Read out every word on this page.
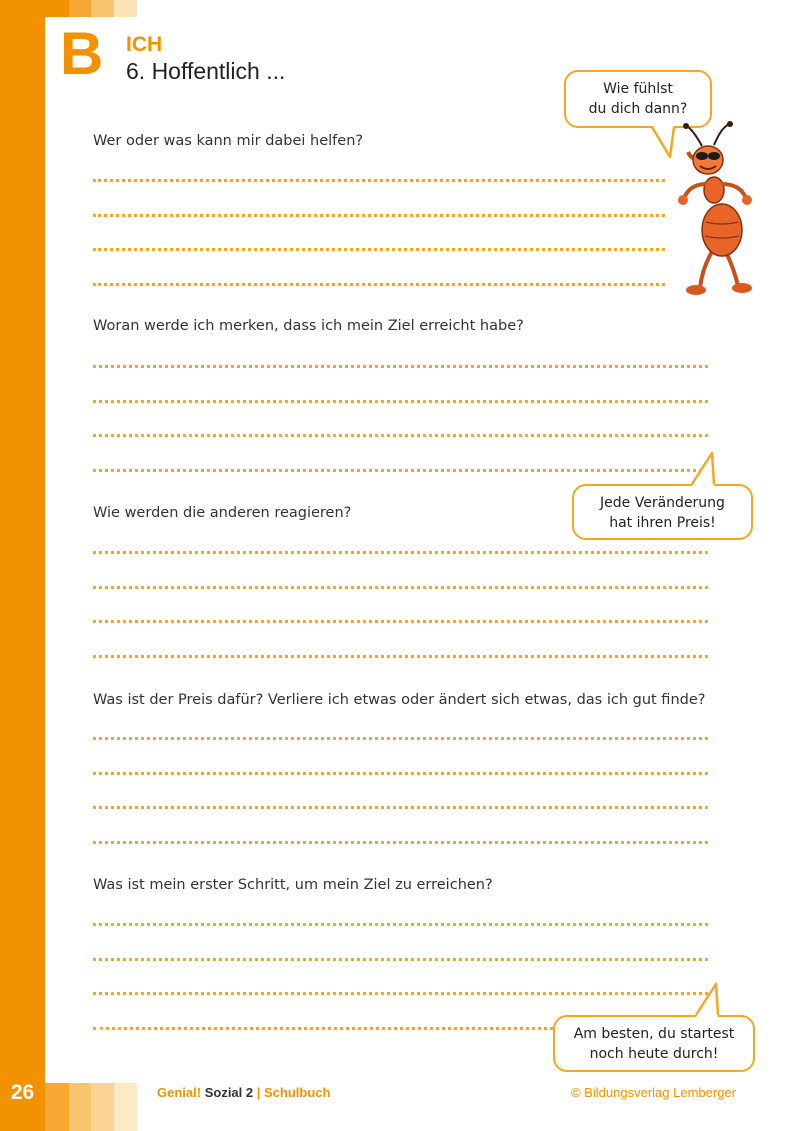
26
B ICH
6. Hoffentlich ...
Wie fühlst
du dich dann?
Wer oder was kann mir dabei helfen?
Woran werde ich merken, dass ich mein Ziel erreicht habe?
Jede Veränderung
hat ihren Preis!
Wie werden die anderen reagieren?
Was ist der Preis dafür? Verliere ich etwas oder ändert sich etwas, das ich gut finde?
Was ist mein erster Schritt, um mein Ziel zu erreichen?
Am besten, du startest
noch heute durch!
Genial! Sozial 2 | Schulbuch	© Bildungsverlag Lemberger
